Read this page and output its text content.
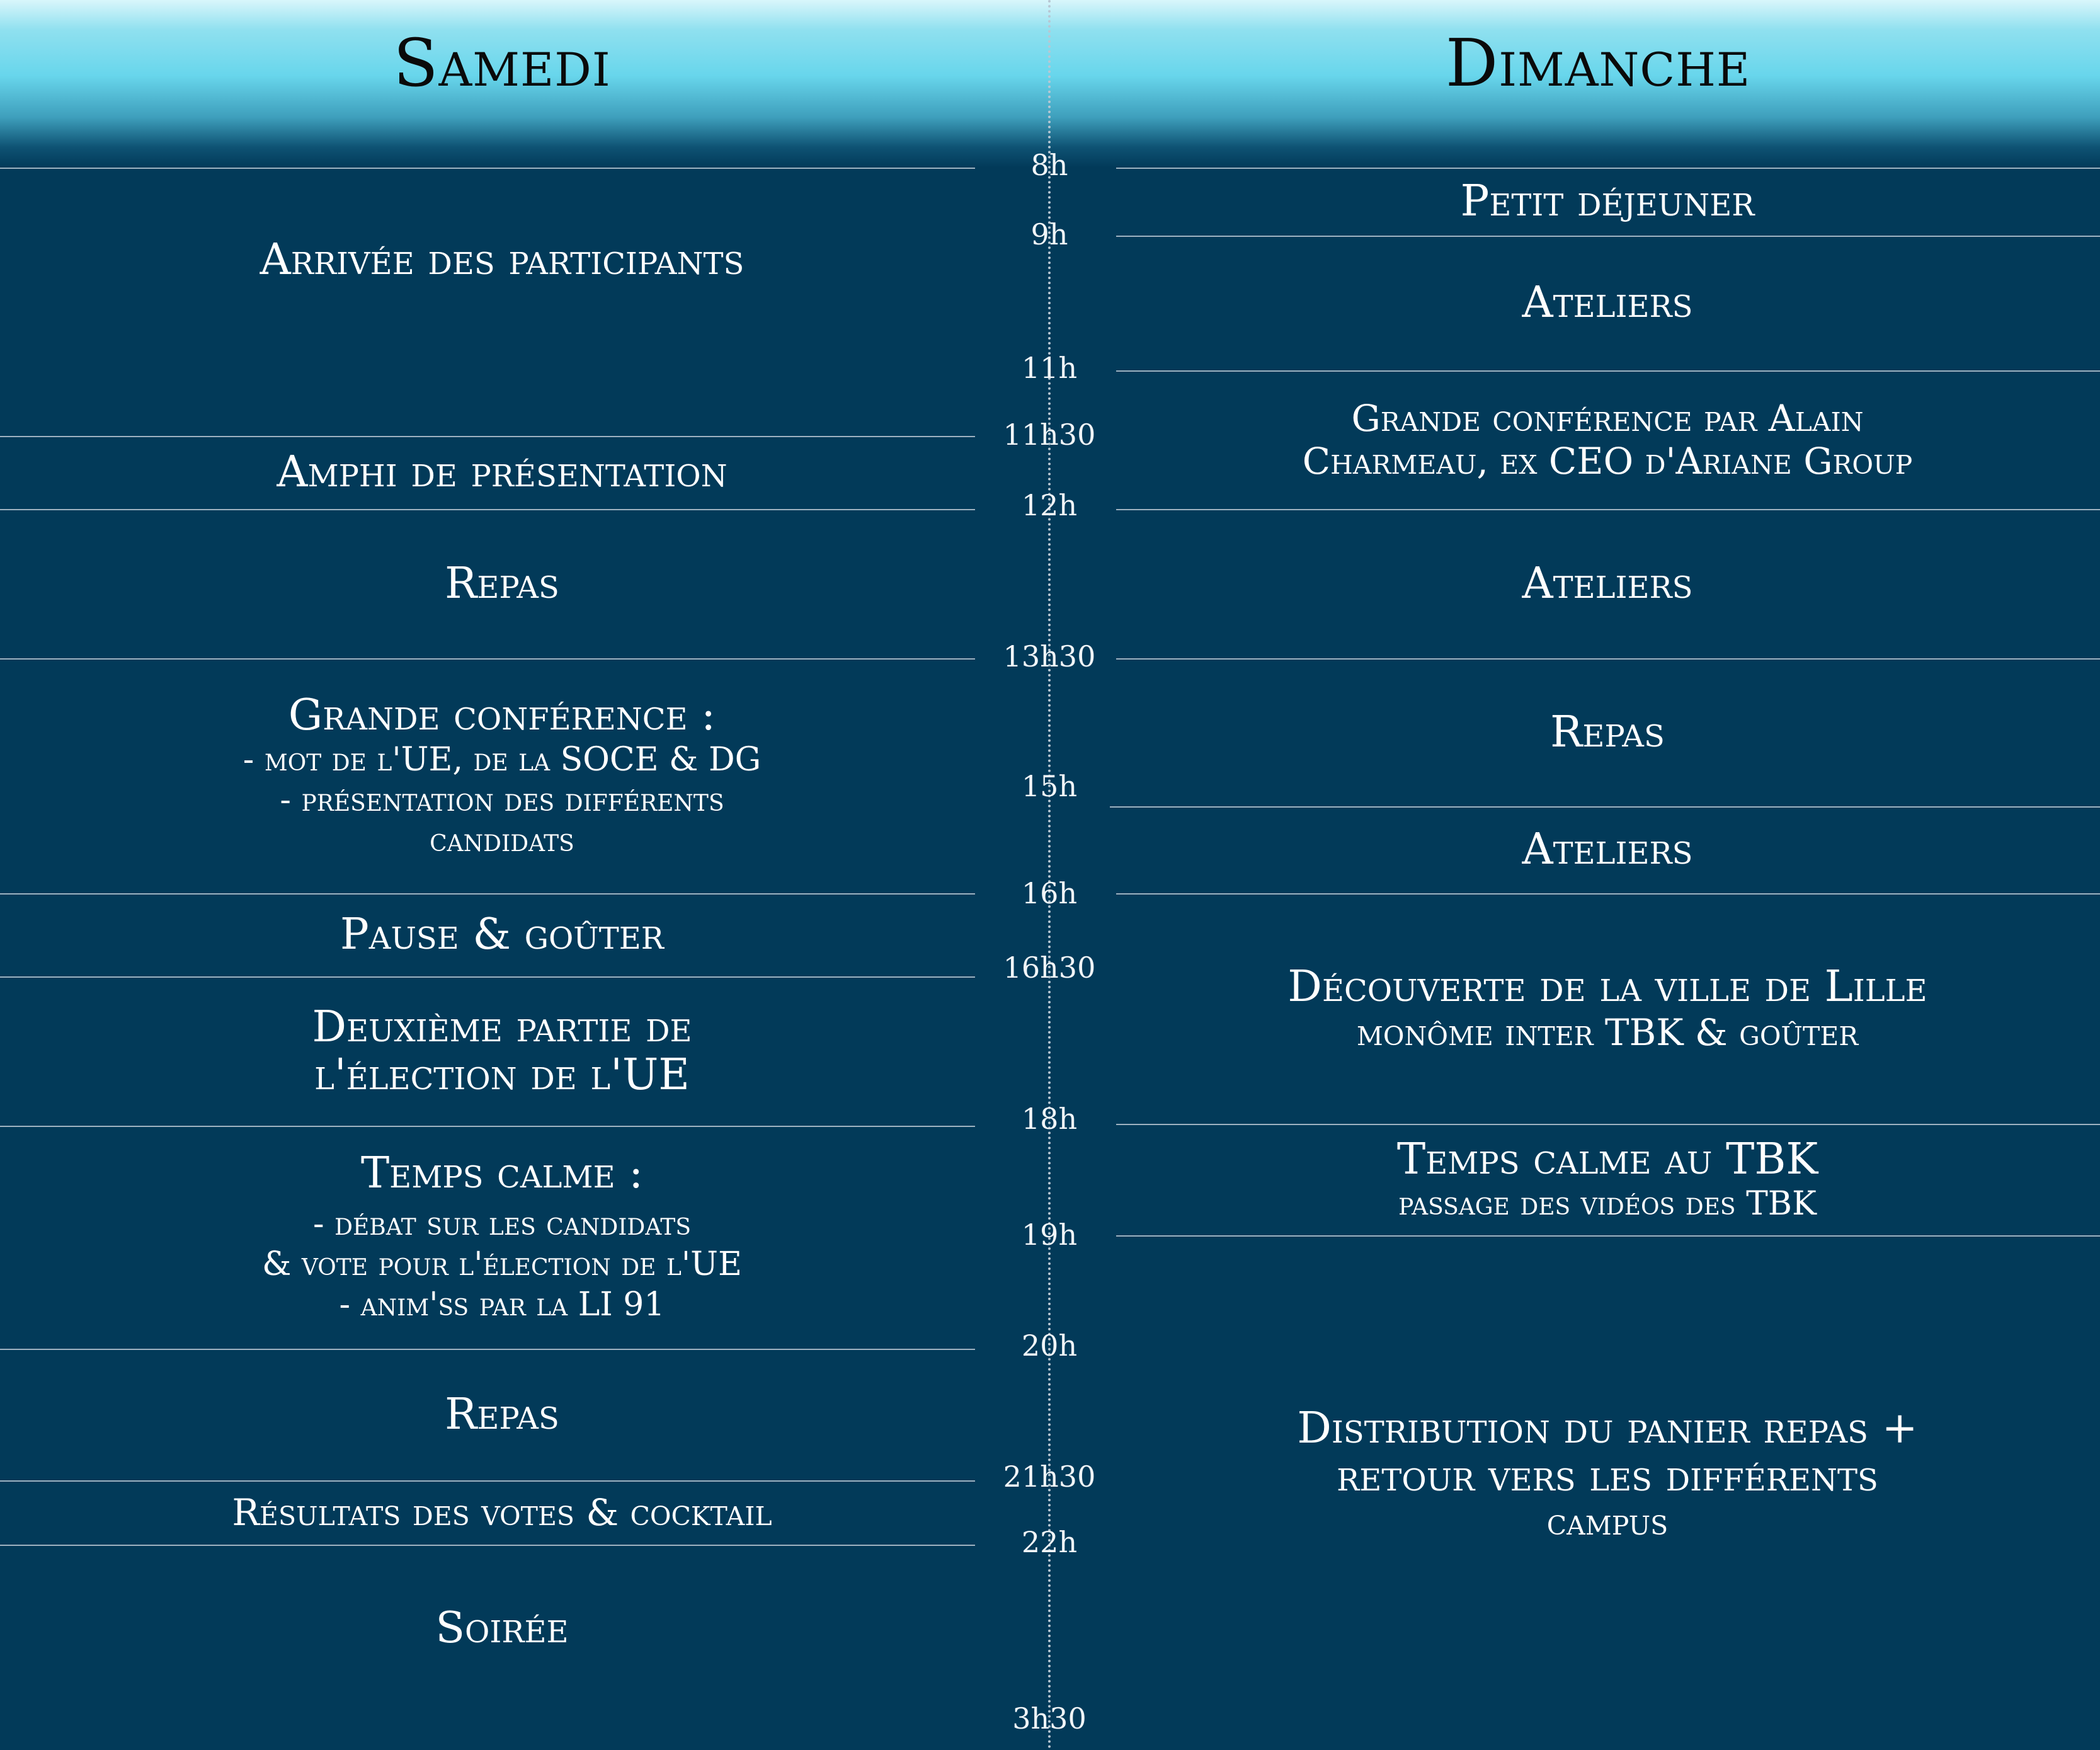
Samedi	Dimanche
8h
9h
11h
11h30
12h
13h30
15h
16h
16h30
18h
19h
20h
21h30
22h
3h30
Arrivée des participants
Amphi de présentation
Repas
Grande conférence :
- mot de l'UE, de la SOCE & DG
- présentation des différents
candidats
Pause & goûter
Deuxième partie de
l'élection de l'UE
Temps calme :
- débat sur les candidats
& vote pour l'élection de l'UE
- anim'ss par la LI 91
Repas
Résultats des votes & cocktail
Soirée
Petit déjeuner
Ateliers
Grande conférence par Alain
Charmeau, ex CEO d'Ariane Group
Ateliers
Repas
Ateliers
Découverte de la ville de Lille
monôme inter TBK & goûter
Temps calme au TBK
passage des vidéos des TBK
Distribution du panier repas +
retour vers les différents
campus
